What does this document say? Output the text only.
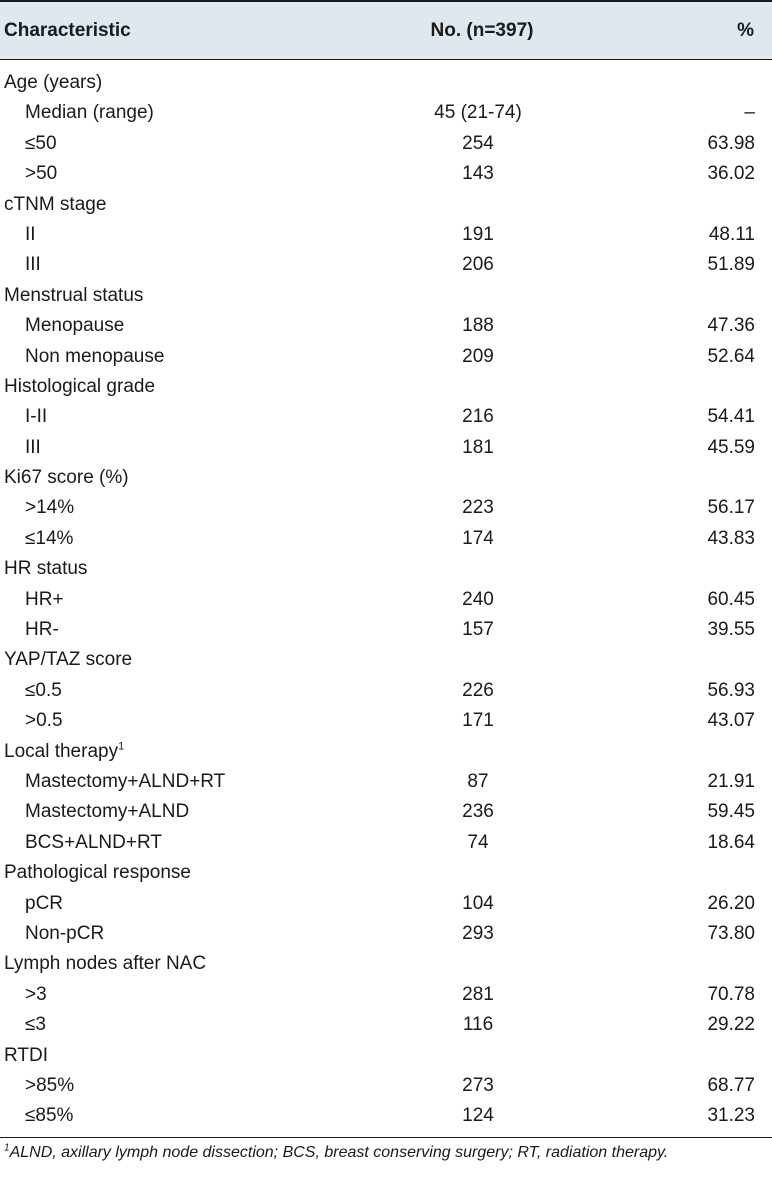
Characteristic	No. (n=397)	%
Age (years)
Median (range)	45 (21-74)	–
≤50	254	63.98
>50	143	36.02
cTNM stage
II	191	48.11
III	206	51.89
Menstrual status
Menopause	188	47.36
Non menopause	209	52.64
Histological grade
I-II	216	54.41
III	181	45.59
Ki67 score (%)
>14%	223	56.17
≤14%	174	43.83
HR status
HR+	240	60.45
HR-	157	39.55
YAP/TAZ score
≤0.5	226	56.93
>0.5	171	43.07
Local therapy$^1$
Mastectomy+ALND+RT	87	21.91
Mastectomy+ALND	236	59.45
BCS+ALND+RT	74	18.64
Pathological response
pCR	104	26.20
Non-pCR	293	73.80
Lymph nodes after NAC
>3	281	70.78
≤3	116	29.22
RTDI
>85%	273	68.77
≤85%	124	31.23
$^1$ALND, axillary lymph node dissection; BCS, breast conserving surgery; RT, radiation therapy.
